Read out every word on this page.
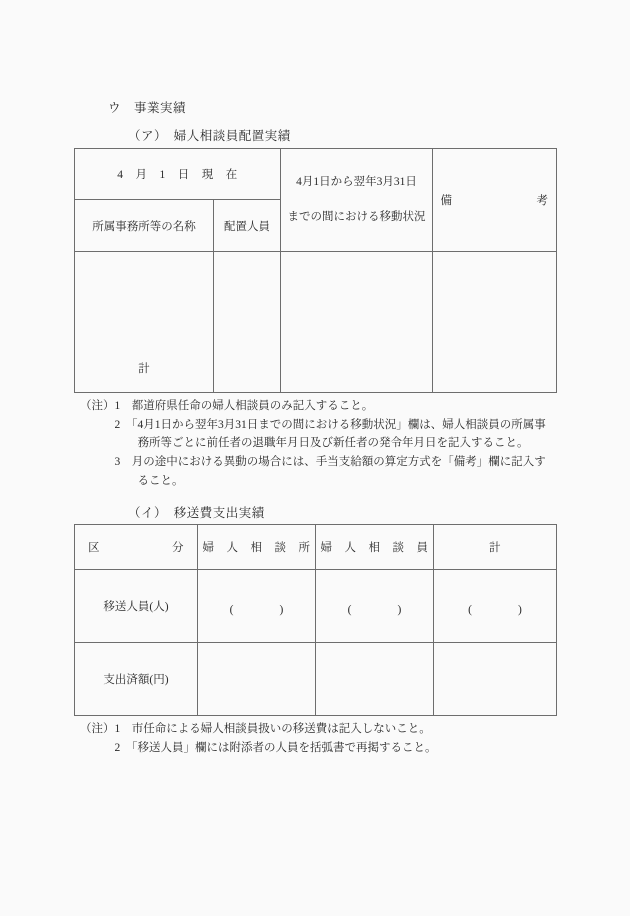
ウ　事業実績
（ア）　婦人相談員配置実績
4　月　1　日　現　在		4月1日から翌年3月31日
までの間における移動状況	備　　　　　　　考

所属事務所等の名称	配置人員		

計			

（注）1　都道府県任命の婦人相談員のみ記入すること。
　　　2　「4月1日から翌年3月31日までの間における移動状況」欄は、婦人相談員の所属事
　　　　　務所等ごとに前任者の退職年月日及び新任者の発令年月日を記入すること。
　　　3　月の途中における異動の場合には、手当支給額の算定方式を「備考」欄に記入す
　　　　　ること。
（イ）　移送費支出実績
区　　　　　　分	婦　人　相　談　所	婦　人　相　談　員	計

移送人員(人)	( )	( )	( )

支出済額(円)			

（注）1　市任命による婦人相談員扱いの移送費は記入しないこと。
　　　2　「移送人員」欄には附添者の人員を括弧書で再掲すること。
